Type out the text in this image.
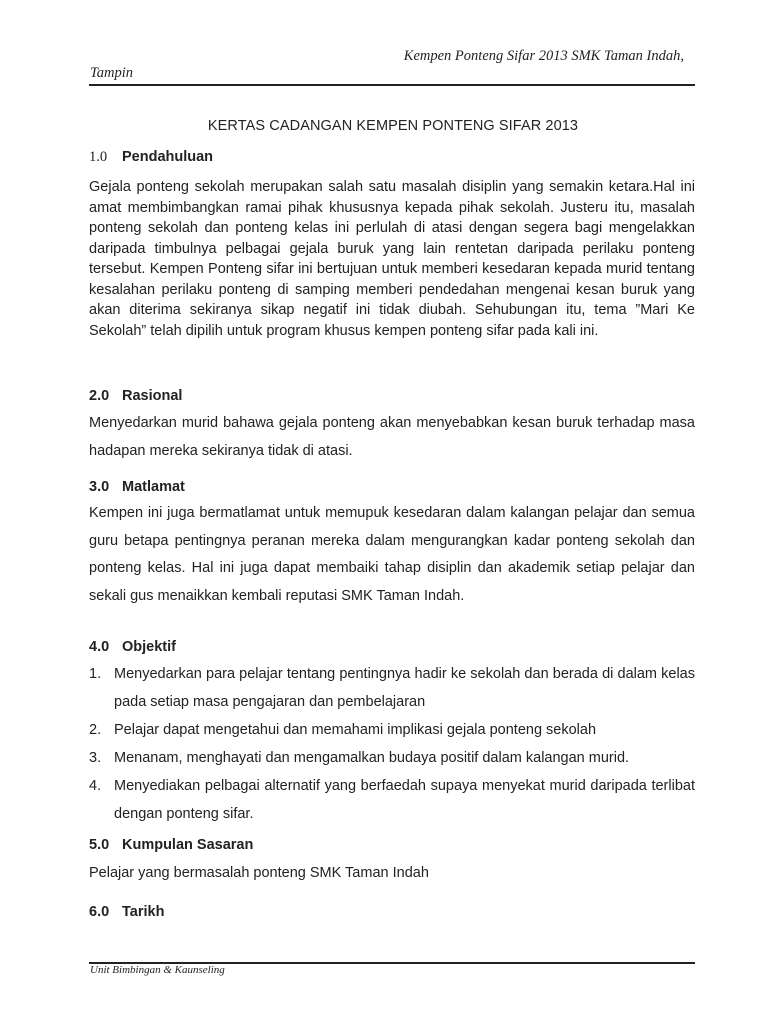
Kempen Ponteng Sifar 2013 SMK Taman Indah,
Tampin
KERTAS CADANGAN KEMPEN PONTENG SIFAR 2013
1.0 Pendahuluan

Gejala ponteng sekolah merupakan salah satu masalah disiplin yang semakin ketara.Hal ini amat membimbangkan ramai pihak khususnya kepada pihak sekolah. Justeru itu, masalah ponteng sekolah dan ponteng kelas ini perlulah di atasi dengan segera bagi mengelakkan daripada timbulnya pelbagai gejala buruk yang lain rentetan daripada perilaku ponteng tersebut. Kempen Ponteng sifar ini bertujuan untuk memberi kesedaran kepada murid tentang kesalahan perilaku ponteng di samping memberi pendedahan mengenai kesan buruk yang akan diterima sekiranya sikap negatif ini tidak diubah. Sehubungan itu, tema ”Mari Ke Sekolah” telah dipilih untuk program khusus kempen ponteng sifar pada kali ini.

2.0 Rasional

Menyedarkan murid bahawa gejala ponteng akan menyebabkan kesan buruk terhadap masa hadapan mereka sekiranya tidak di atasi.

3.0 Matlamat

Kempen ini juga bermatlamat untuk memupuk kesedaran dalam kalangan pelajar dan semua guru betapa pentingnya peranan mereka dalam mengurangkan kadar ponteng sekolah dan ponteng kelas. Hal ini juga dapat membaiki tahap disiplin dan akademik setiap pelajar dan sekali gus menaikkan kembali reputasi SMK Taman Indah.

4.0 Objektif
1. Menyedarkan para pelajar tentang pentingnya hadir ke sekolah dan berada di dalam kelas pada setiap masa pengajaran dan pembelajaran
2. Pelajar dapat mengetahui dan memahami implikasi gejala ponteng sekolah
3. Menanam, menghayati dan mengamalkan budaya positif dalam kalangan murid.
4. Menyediakan pelbagai alternatif yang berfaedah supaya menyekat murid daripada terlibat dengan ponteng sifar.
5.0 Kumpulan Sasaran

Pelajar yang bermasalah ponteng SMK Taman Indah

6.0 Tarikh
Unit Bimbingan & Kaunseling
